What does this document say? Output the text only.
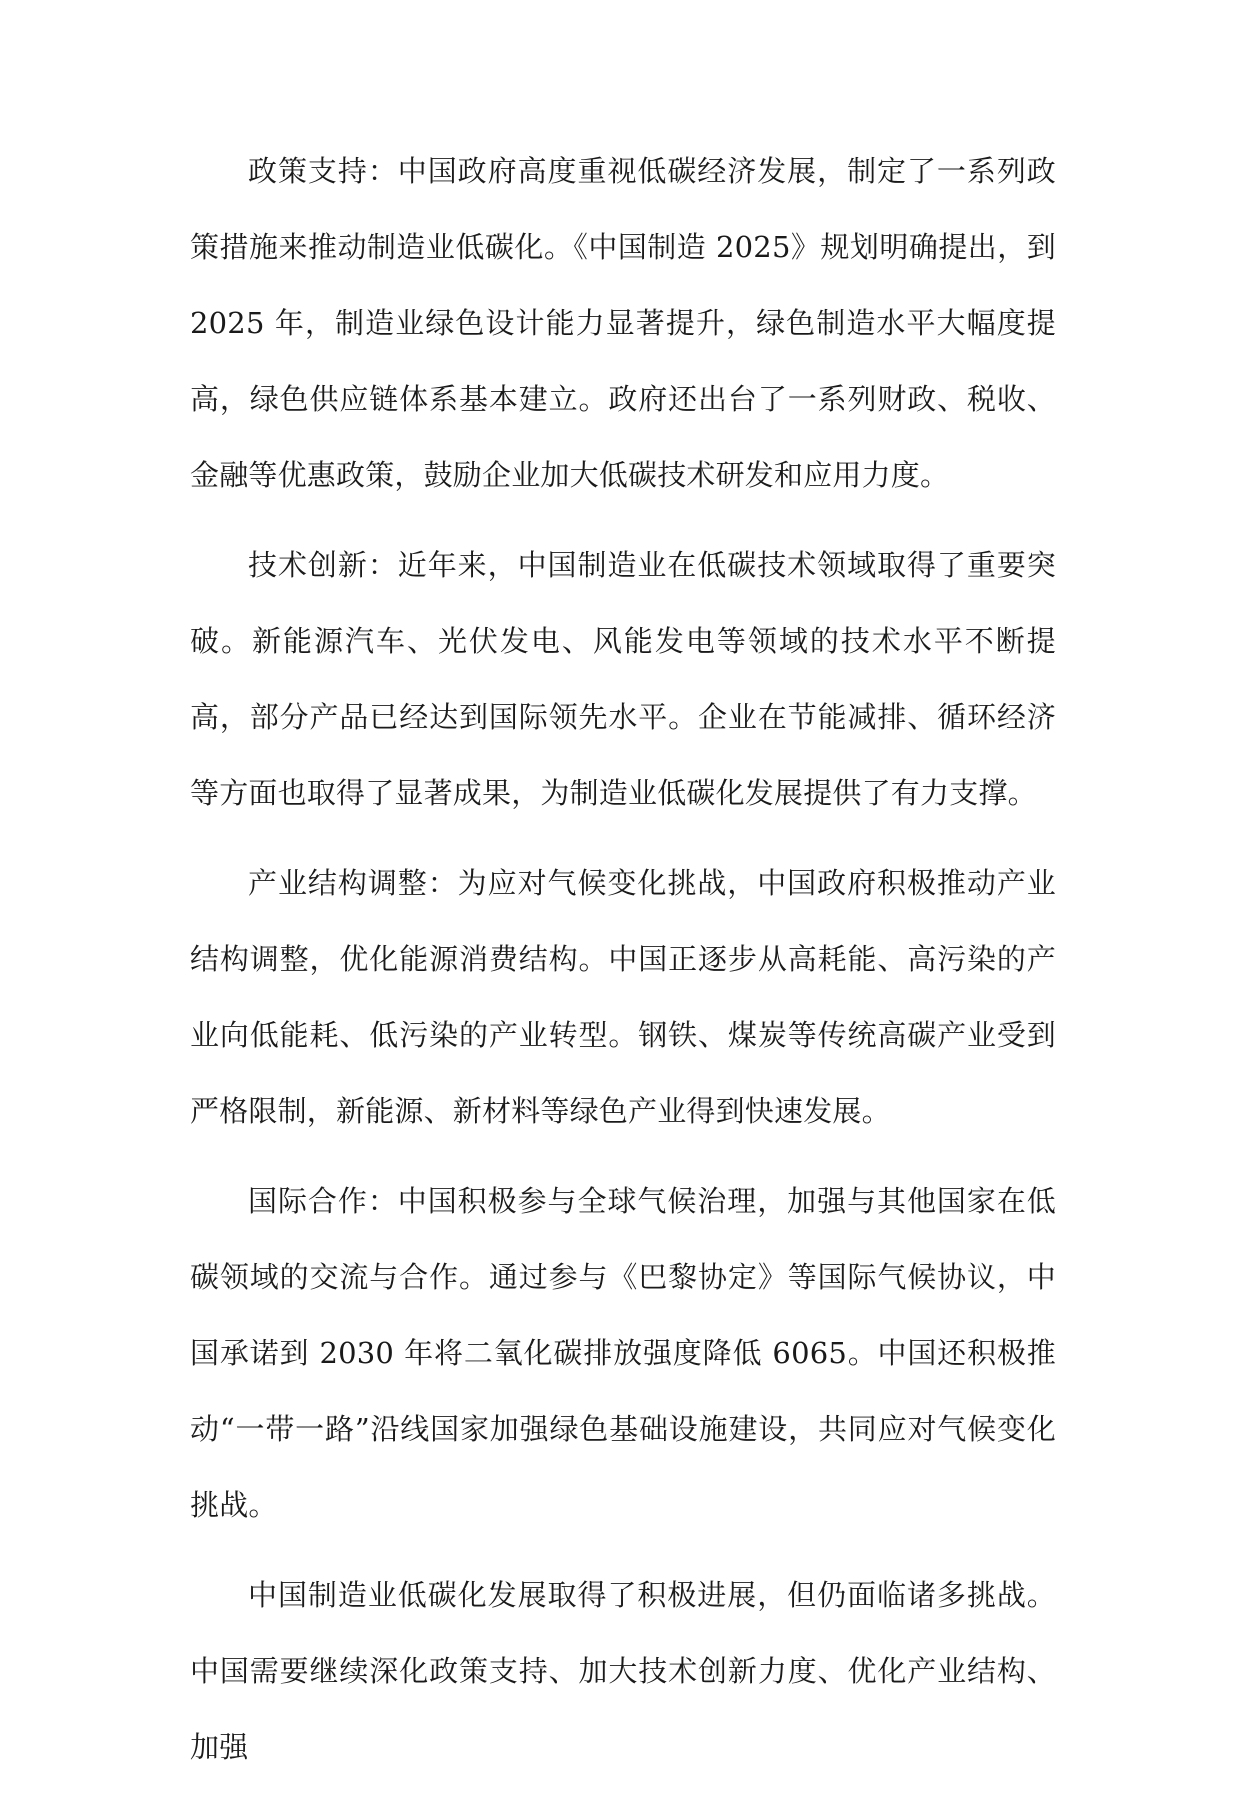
政策支持：中国政府高度重视低碳经济发展，制定了一系列政策措施来推动制造业低碳化。《中国制造 2025》规划明确提出，到 2025 年，制造业绿色设计能力显著提升，绿色制造水平大幅度提高，绿色供应链体系基本建立。政府还出台了一系列财政、税收、金融等优惠政策，鼓励企业加大低碳技术研发和应用力度。

技术创新：近年来，中国制造业在低碳技术领域取得了重要突破。新能源汽车、光伏发电、风能发电等领域的技术水平不断提高，部分产品已经达到国际领先水平。企业在节能减排、循环经济等方面也取得了显著成果，为制造业低碳化发展提供了有力支撑。

产业结构调整：为应对气候变化挑战，中国政府积极推动产业结构调整，优化能源消费结构。中国正逐步从高耗能、高污染的产业向低能耗、低污染的产业转型。钢铁、煤炭等传统高碳产业受到严格限制，新能源、新材料等绿色产业得到快速发展。

国际合作：中国积极参与全球气候治理，加强与其他国家在低碳领域的交流与合作。通过参与《巴黎协定》等国际气候协议，中国承诺到 2030 年将二氧化碳排放强度降低 6065。中国还积极推动“一带一路”沿线国家加强绿色基础设施建设，共同应对气候变化挑战。

中国制造业低碳化发展取得了积极进展，但仍面临诸多挑战。中国需要继续深化政策支持、加大技术创新力度、优化产业结构、加强
